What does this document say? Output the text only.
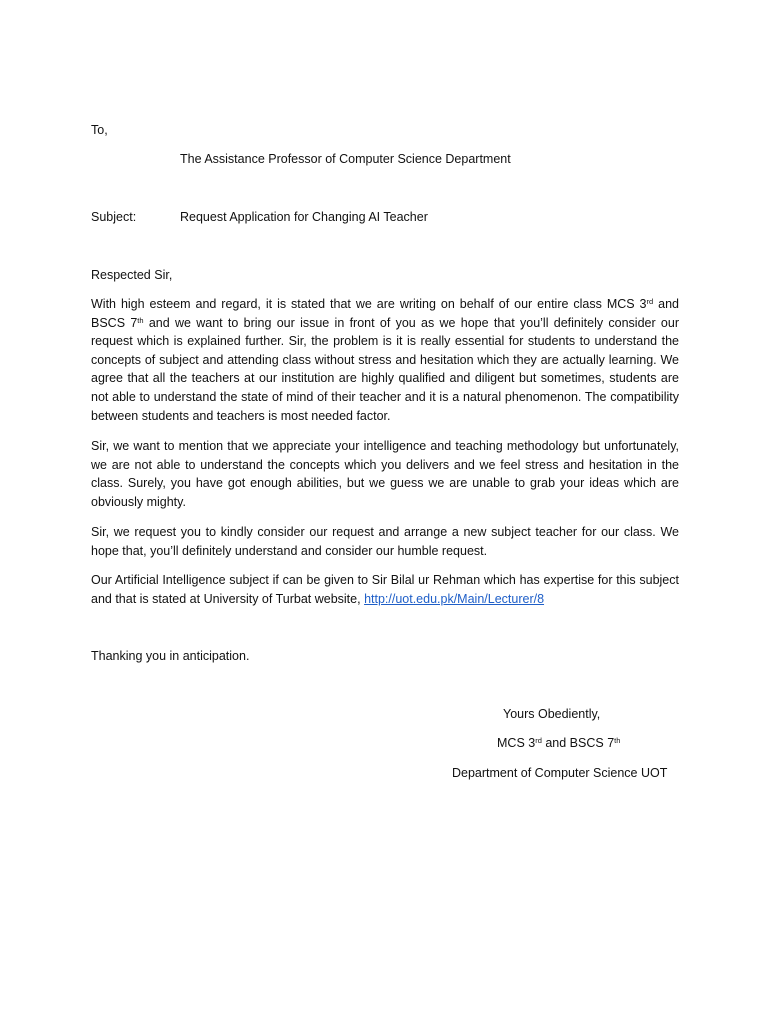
To,
The Assistance Professor of Computer Science Department
Subject:	Request Application for Changing AI Teacher
Respected Sir,
With high esteem and regard, it is stated that we are writing on behalf of our entire class MCS 3rd and BSCS 7th and we want to bring our issue in front of you as we hope that you’ll definitely consider our request which is explained further. Sir, the problem is it is really essential for students to understand the concepts of subject and attending class without stress and hesitation which they are actually learning. We agree that all the teachers at our institution are highly qualified and diligent but sometimes, students are not able to understand the state of mind of their teacher and it is a natural phenomenon. The compatibility between students and teachers is most needed factor.
Sir, we want to mention that we appreciate your intelligence and teaching methodology but unfortunately, we are not able to understand the concepts which you delivers and we feel stress and hesitation in the class. Surely, you have got enough abilities, but we guess we are unable to grab your ideas which are obviously mighty.
Sir, we request you to kindly consider our request and arrange a new subject teacher for our class. We hope that, you’ll definitely understand and consider our humble request.
Our Artificial Intelligence subject if can be given to Sir Bilal ur Rehman which has expertise for this subject and that is stated at University of Turbat website, http://uot.edu.pk/Main/Lecturer/8
Thanking you in anticipation.
Yours Obediently,
MCS 3rd and BSCS 7th
Department of Computer Science UOT
